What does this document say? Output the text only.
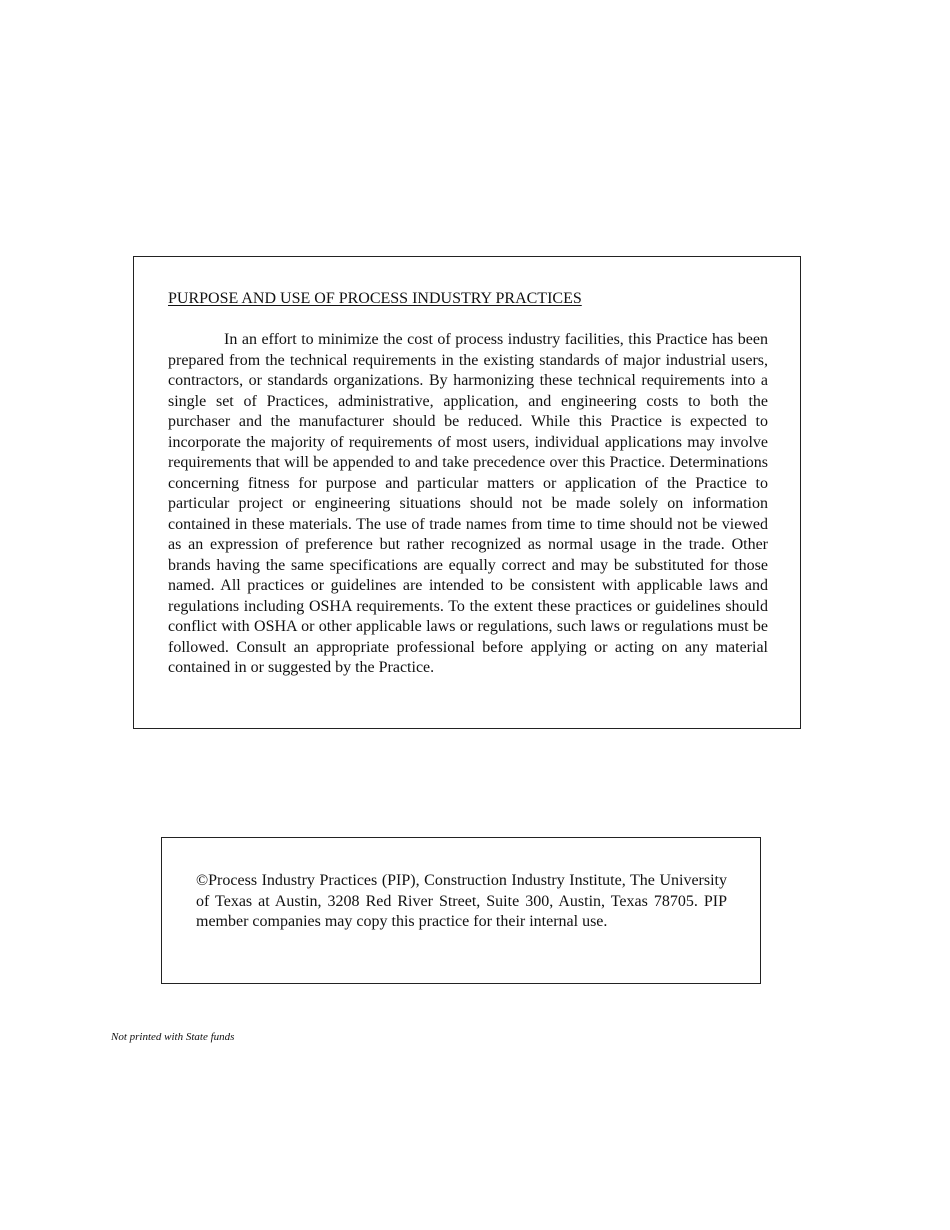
PURPOSE AND USE OF PROCESS INDUSTRY PRACTICES

In an effort to minimize the cost of process industry facilities, this Practice has been prepared from the technical requirements in the existing standards of major industrial users, contractors, or standards organizations. By harmonizing these technical requirements into a single set of Practices, administrative, application, and engineering costs to both the purchaser and the manufacturer should be reduced. While this Practice is expected to incorporate the majority of requirements of most users, individual applications may involve requirements that will be appended to and take precedence over this Practice. Determinations concerning fitness for purpose and particular matters or application of the Practice to particular project or engineering situations should not be made solely on information contained in these materials. The use of trade names from time to time should not be viewed as an expression of preference but rather recognized as normal usage in the trade. Other brands having the same specifications are equally correct and may be substituted for those named. All practices or guidelines are intended to be consistent with applicable laws and regulations including OSHA requirements. To the extent these practices or guidelines should conflict with OSHA or other applicable laws or regulations, such laws or regulations must be followed. Consult an appropriate professional before applying or acting on any material contained in or suggested by the Practice.

©Process Industry Practices (PIP), Construction Industry Institute, The University of Texas at Austin, 3208 Red River Street, Suite 300, Austin, Texas 78705. PIP member companies may copy this practice for their internal use.

Not printed with State funds
